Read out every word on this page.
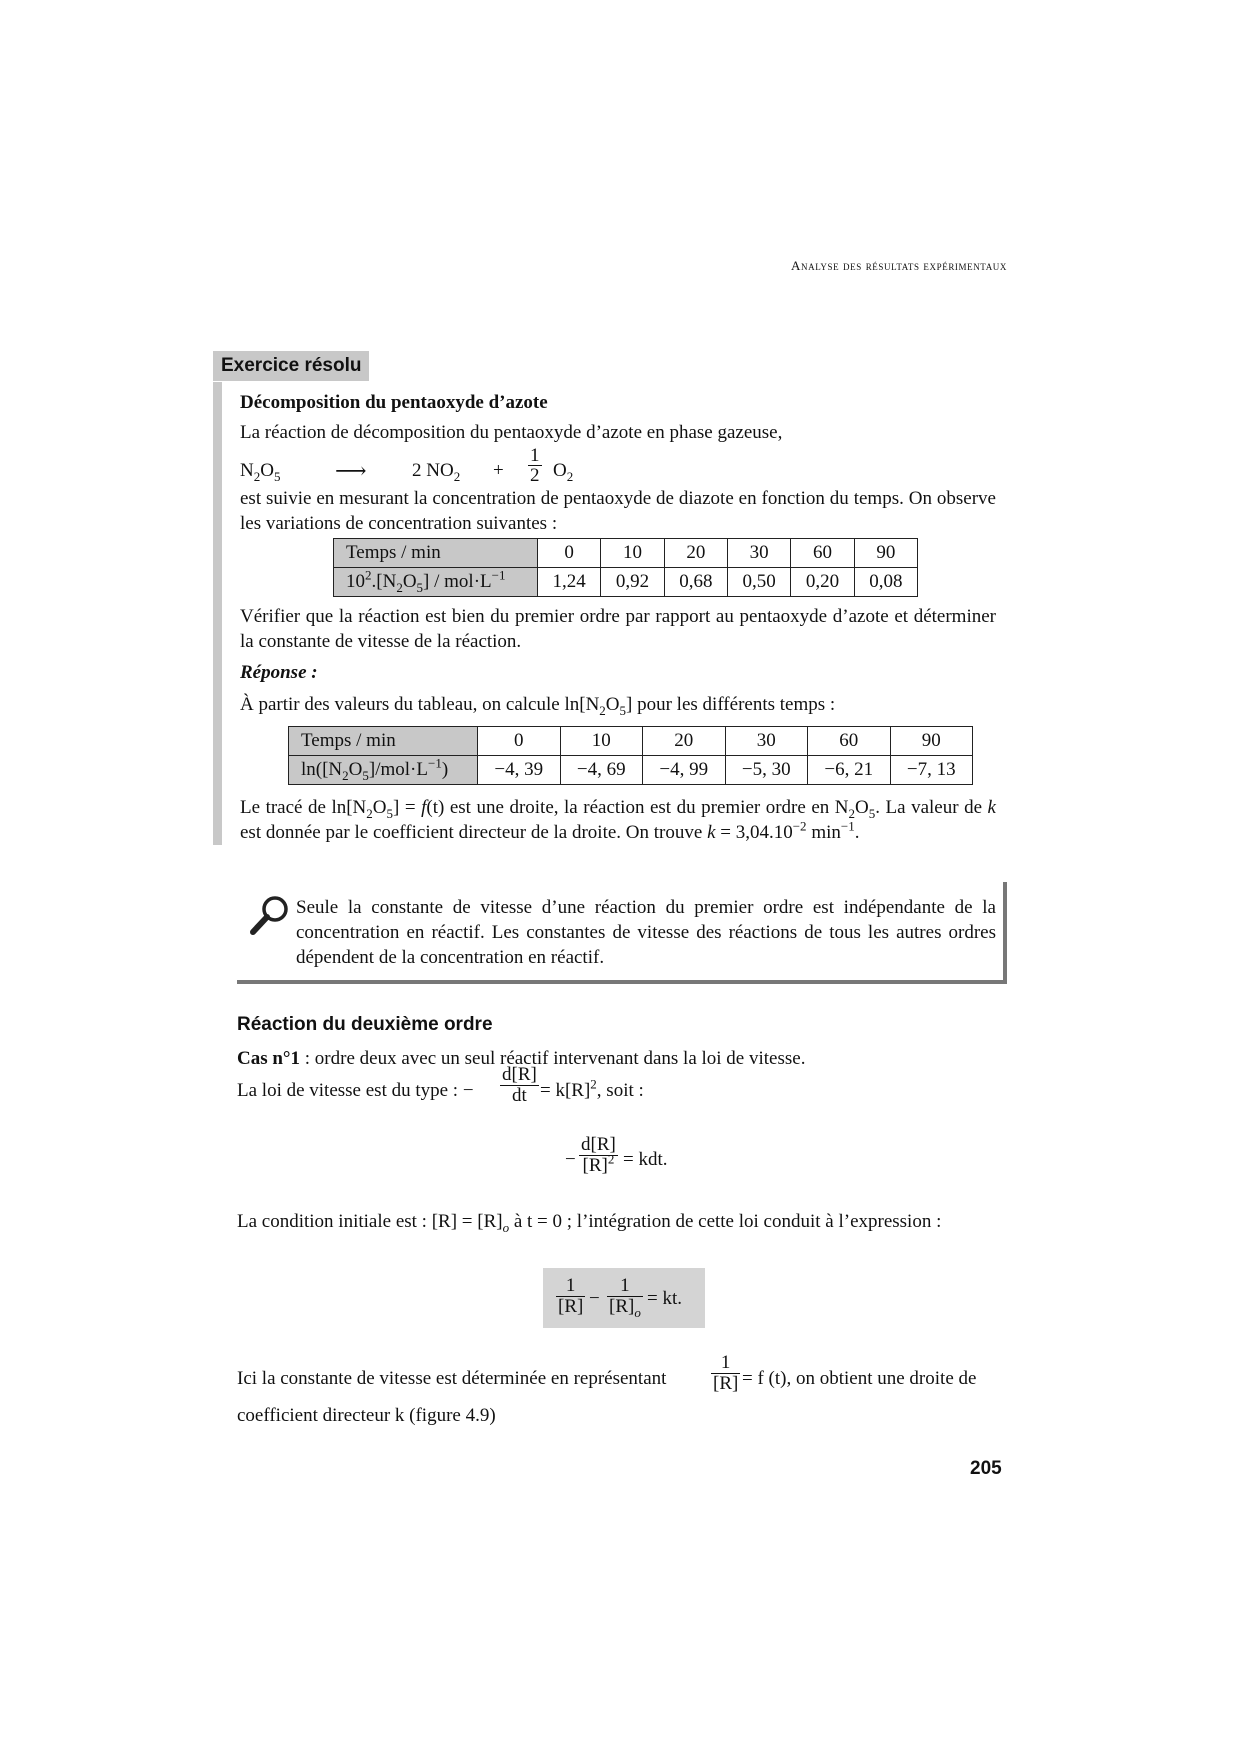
Analyse des résultats expérimentaux
Exercice résolu
Décomposition du pentaoxyde d’azote
La réaction de décomposition du pentaoxyde d’azote en phase gazeuse,
$N_2O_5$ ⟶ 2 $NO_2 + \frac{1}{2} O_2$
est suivie en mesurant la concentration de pentaoxyde de diazote en fonction du temps. On observe les variations de concentration suivantes :
Temps / min	0	10	20	30	60	90
$10^2.[N_2O_5] / mol\cdot L^{-1}$	1,24	0,92	0,68	0,50	0,20	0,08
Vérifier que la réaction est bien du premier ordre par rapport au pentaoxyde d’azote et déterminer la constante de vitesse de la réaction.
Réponse :
À partir des valeurs du tableau, on calcule $\ln[N_2O_5]$ pour les différents temps :
Temps / min	0	10	20	30	60	90
$\ln([N_2O_5]/mol\cdot L^{-1})$	−4, 39	−4, 69	−4, 99	−5, 30	−6, 21	−7, 13
Le tracé de $\ln[N_2O_5] = f(t)$ est une droite, la réaction est du premier ordre en $N_2O_5$. La valeur de k est donnée par le coefficient directeur de la droite. On trouve $k = 3,04.10^{-2}$ $\min^{-1}$.
Seule la constante de vitesse d’une réaction du premier ordre est indépendante de la concentration en réactif. Les constantes de vitesse des réactions de tous les autres ordres dépendent de la concentration en réactif.
Réaction du deuxième ordre
Cas n°1 : ordre deux avec un seul réactif intervenant dans la loi de vitesse.
La loi de vitesse est du type : − $\frac{d[R]}{dt} = k[R]^2$, soit :
− $\frac{d[R]}{[R]^2}$ = kdt.
La condition initiale est : $[R] = [R]_o$ à t = 0 ; l’intégration de cette loi conduit à l’expression :
$\frac{1}{[R]} - \frac{1}{[R]_o}$ = kt.
Ici la constante de vitesse est déterminée en représentant $\frac{1}{[R]} = f$ (t), on obtient une droite de
coefficient directeur k (figure 4.9)
205
